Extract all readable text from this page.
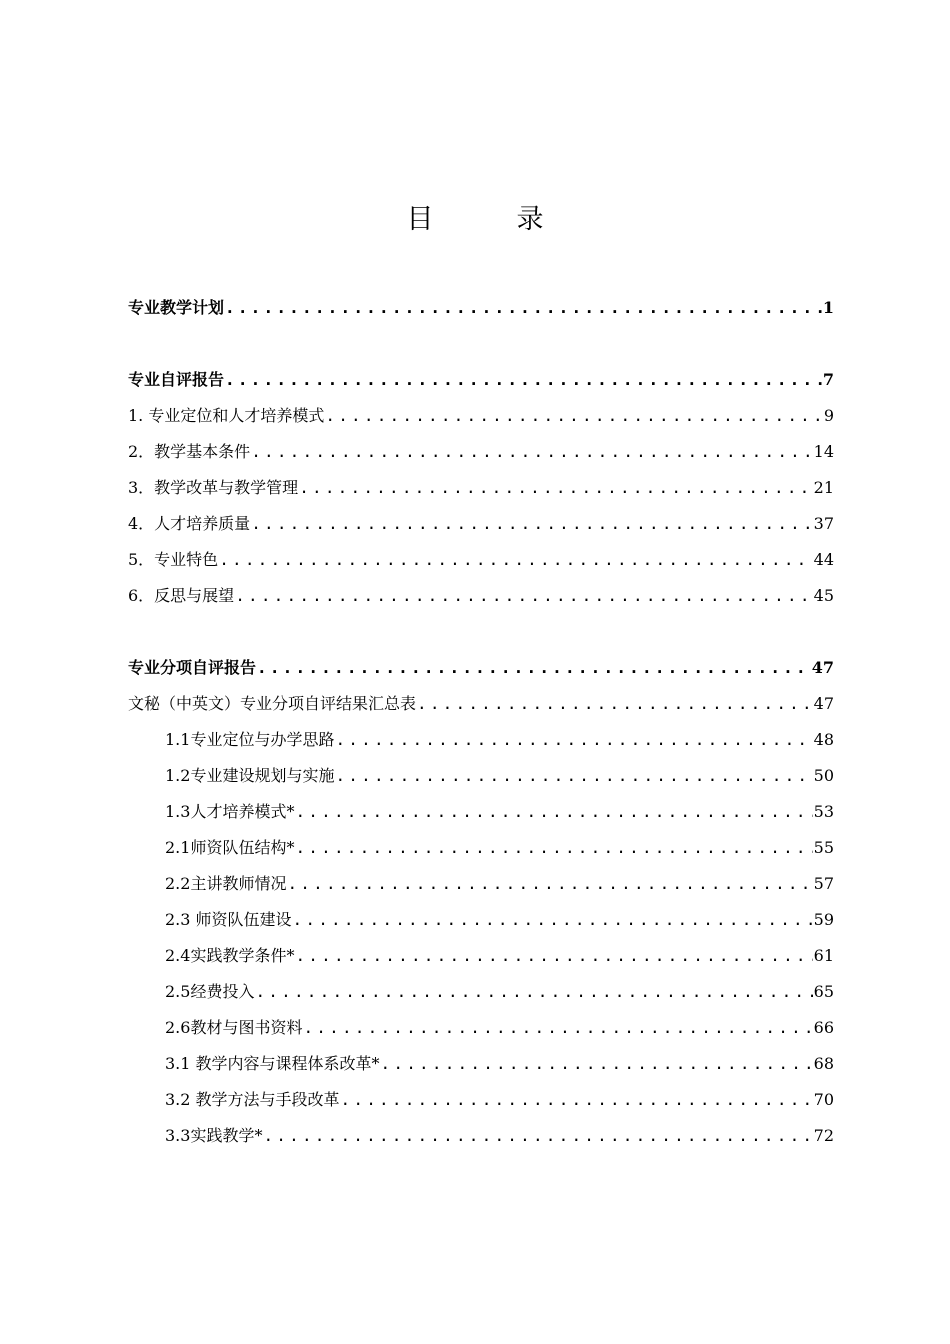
目　录
专业教学计划 .....	1
专业自评报告 .....	7
1. 专业定位和人才培养模式 .....	9
2．教学基本条件 .....	14
3．教学改革与教学管理 .....	21
4．人才培养质量 .....	37
5．专业特色 .....	44
6．反思与展望 .....	45
专业分项自评报告 .....	47
文秘（中英文）专业分项自评结果汇总表 .....	47
1.1专业定位与办学思路 .....	48
1.2专业建设规划与实施 .....	50
1.3人才培养模式* .....	53
2.1师资队伍结构* .....	55
2.2主讲教师情况 .....	57
2.3 师资队伍建设 .....	59
2.4实践教学条件* .....	61
2.5经费投入 .....	65
2.6教材与图书资料 .....	66
3.1 教学内容与课程体系改革* .....	68
3.2 教学方法与手段改革 .....	70
3.3实践教学* .....	72
